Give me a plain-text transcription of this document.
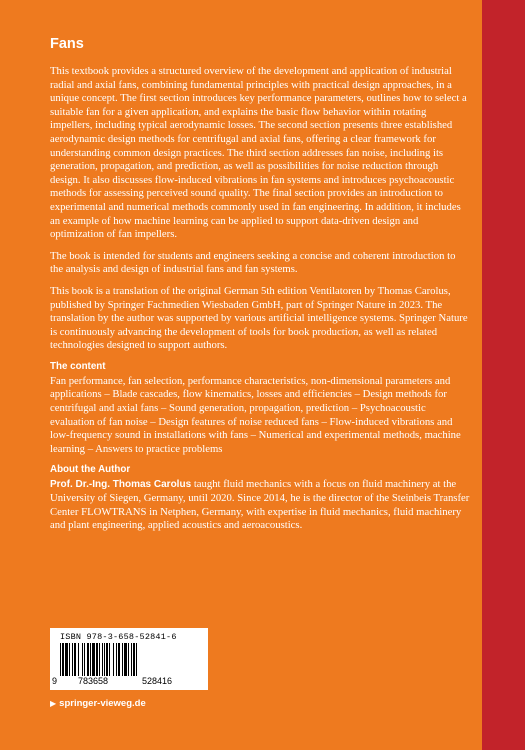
Fans

This textbook provides a structured overview of the development and application of industrial radial and axial fans, combining fundamental principles with practical design approaches, in a unique concept. The first section introduces key performance parameters, outlines how to select a suitable fan for a given application, and explains the basic flow behavior within rotating impellers, including typical aerodynamic losses. The second section presents three established aerodynamic design methods for centrifugal and axial fans, offering a clear framework for understanding common design practices. The third section addresses fan noise, including its generation, propagation, and prediction, as well as possibilities for noise reduction through design. It also discusses flow-induced vibrations in fan systems and introduces psychoacoustic methods for assessing perceived sound quality. The final section provides an introduction to experimental and numerical methods commonly used in fan engineering. In addition, it includes an example of how machine learning can be applied to support data-driven design and optimization of fan impellers.

The book is intended for students and engineers seeking a concise and coherent introduction to the analysis and design of industrial fans and fan systems.

This book is a translation of the original German 5th edition Ventilatoren by Thomas Carolus, published by Springer Fachmedien Wiesbaden GmbH, part of Springer Nature in 2023. The translation by the author was supported by various artificial intelligence systems. Springer Nature is continuously advancing the development of tools for book production, as well as related technologies designed to support authors.

The content

Fan performance, fan selection, performance characteristics, non-dimensional parameters and applications – Blade cascades, flow kinematics, losses and efficiencies – Design methods for centrifugal and axial fans – Sound generation, propagation, prediction – Psychoacoustic evaluation of fan noise – Design features of noise reduced fans – Flow-induced vibrations and low-frequency sound in installations with fans – Numerical and experimental methods, machine learning – Answers to practice problems

About the Author

Prof. Dr.-Ing. Thomas Carolus taught fluid mechanics with a focus on fluid machinery at the University of Siegen, Germany, until 2020. Since 2014, he is the director of the Steinbeis Transfer Center FLOWTRANS in Netphen, Germany, with expertise in fluid mechanics, fluid machinery and plant engineering, applied acoustics and aeroacoustics.

ISBN 978-3-658-52841-6
9 783658	528416
▶ springer-vieweg.de
